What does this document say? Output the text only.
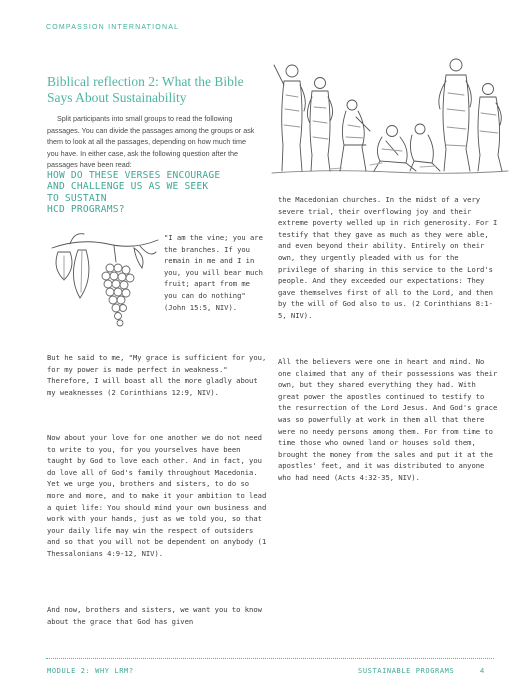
COMPASSION INTERNATIONAL
Biblical reflection 2: What the Bible Says About Sustainability

Split participants into small groups to read the following passages. You can divide the passages among the groups or ask them to look at all the passages, depending on how much time you have. In either case, ask the following question after the passages have been read:

HOW DO THESE VERSES ENCOURAGE
AND CHALLENGE US AS WE SEEK
TO SUSTAIN
HCD PROGRAMS?

"I am the vine; you are the branches. If you remain in me and I in you, you will bear much fruit; apart from me you can do nothing" (John 15:5, NIV).

But he said to me, "My grace is sufficient for you, for my power is made perfect in weakness." Therefore, I will boast all the more gladly about my weaknesses (2 Corinthians 12:9, NIV).

Now about your love for one another we do not need to write to you, for you yourselves have been taught by God to love each other. And in fact, you do love all of God's family throughout Macedonia. Yet we urge you, brothers and sisters, to do so more and more, and to make it your ambition to lead a quiet life: You should mind your own business and work with your hands, just as we told you, so that your daily life may win the respect of outsiders and so that you will not be dependent on anybody (1 Thessalonians 4:9-12, NIV).

And now, brothers and sisters, we want you to know about the grace that God has given

the Macedonian churches. In the midst of a very severe trial, their overflowing joy and their extreme poverty welled up in rich generosity. For I testify that they gave as much as they were able, and even beyond their ability. Entirely on their own, they urgently pleaded with us for the privilege of sharing in this service to the Lord's people. And they exceeded our expectations: They gave themselves first of all to the Lord, and then by the will of God also to us. (2 Corinthians 8:1-5, NIV).

All the believers were one in heart and mind. No one claimed that any of their possessions was their own, but they shared everything they had. With great power the apostles continued to testify to the resurrection of the Lord Jesus. And God's grace was so powerfully at work in them all that there were no needy persons among them. For from time to time those who owned land or houses sold them, brought the money from the sales and put it at the apostles' feet, and it was distributed to anyone who had need (Acts 4:32-35, NIV).

MODULE 2: WHY LRM?	SUSTAINABLE PROGRAMS	4
